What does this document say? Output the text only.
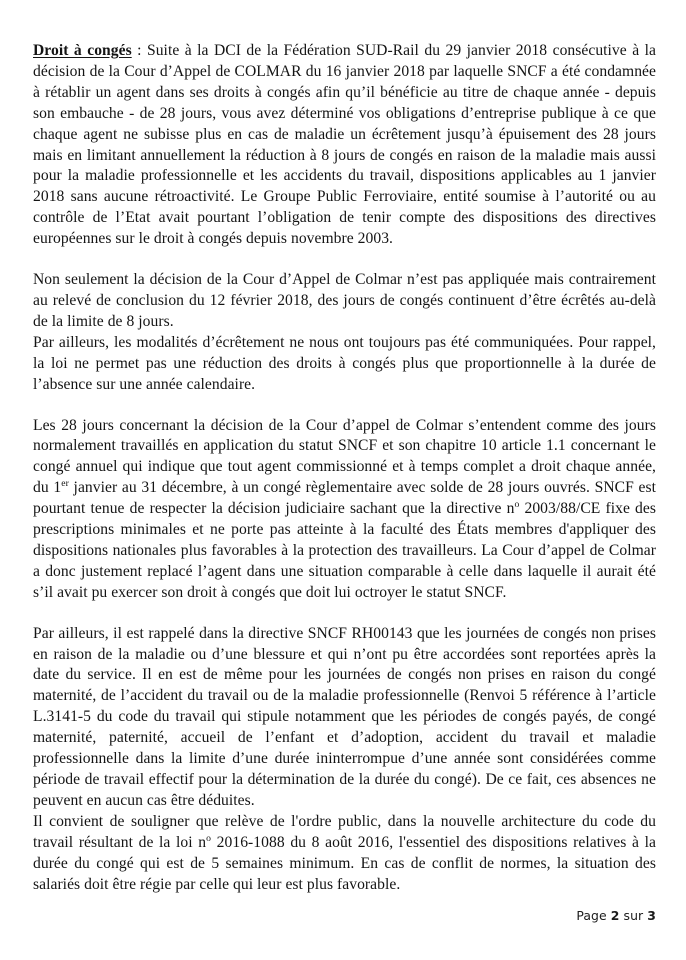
Droit à congés : Suite à la DCI de la Fédération SUD-Rail du 29 janvier 2018 consécutive à la décision de la Cour d’Appel de COLMAR du 16 janvier 2018 par laquelle SNCF a été condamnée à rétablir un agent dans ses droits à congés afin qu’il bénéficie au titre de chaque année - depuis son embauche - de 28 jours, vous avez déterminé vos obligations d’entreprise publique à ce que chaque agent ne subisse plus en cas de maladie un écrêtement jusqu’à épuisement des 28 jours mais en limitant annuellement la réduction à 8 jours de congés en raison de la maladie mais aussi pour la maladie professionnelle et les accidents du travail, dispositions applicables au 1 janvier 2018 sans aucune rétroactivité. Le Groupe Public Ferroviaire, entité soumise à l’autorité ou au contrôle de l’Etat avait pourtant l’obligation de tenir compte des dispositions des directives européennes sur le droit à congés depuis novembre 2003.

Non seulement la décision de la Cour d’Appel de Colmar n’est pas appliquée mais contrairement au relevé de conclusion du 12 février 2018, des jours de congés continuent d’être écrêtés au-delà de la limite de 8 jours.

Par ailleurs, les modalités d’écrêtement ne nous ont toujours pas été communiquées. Pour rappel, la loi ne permet pas une réduction des droits à congés plus que proportionnelle à la durée de l’absence sur une année calendaire.

Les 28 jours concernant la décision de la Cour d’appel de Colmar s’entendent comme des jours normalement travaillés en application du statut SNCF et son chapitre 10 article 1.1 concernant le congé annuel qui indique que tout agent commissionné et à temps complet a droit chaque année, du 1er janvier au 31 décembre, à un congé règlementaire avec solde de 28 jours ouvrés. SNCF est pourtant tenue de respecter la décision judiciaire sachant que la directive $n^o$ 2003/88/CE fixe des prescriptions minimales et ne porte pas atteinte à la faculté des États membres d'appliquer des dispositions nationales plus favorables à la protection des travailleurs. La Cour d’appel de Colmar a donc justement replacé l’agent dans une situation comparable à celle dans laquelle il aurait été s’il avait pu exercer son droit à congés que doit lui octroyer le statut SNCF.

Par ailleurs, il est rappelé dans la directive SNCF RH00143 que les journées de congés non prises en raison de la maladie ou d’une blessure et qui n’ont pu être accordées sont reportées après la date du service. Il en est de même pour les journées de congés non prises en raison du congé maternité, de l’accident du travail ou de la maladie professionnelle (Renvoi 5 référence à l’article L.3141-5 du code du travail qui stipule notamment que les périodes de congés payés, de congé maternité, paternité, accueil de l’enfant et d’adoption, accident du travail et maladie professionnelle dans la limite d’une durée ininterrompue d’une année sont considérées comme période de travail effectif pour la détermination de la durée du congé). De ce fait, ces absences ne peuvent en aucun cas être déduites.

Il convient de souligner que relève de l'ordre public, dans la nouvelle architecture du code du travail résultant de la loi $n^o$ 2016-1088 du 8 août 2016, l'essentiel des dispositions relatives à la durée du congé qui est de 5 semaines minimum. En cas de conflit de normes, la situation des salariés doit être régie par celle qui leur est plus favorable.

Page 2 sur 3
